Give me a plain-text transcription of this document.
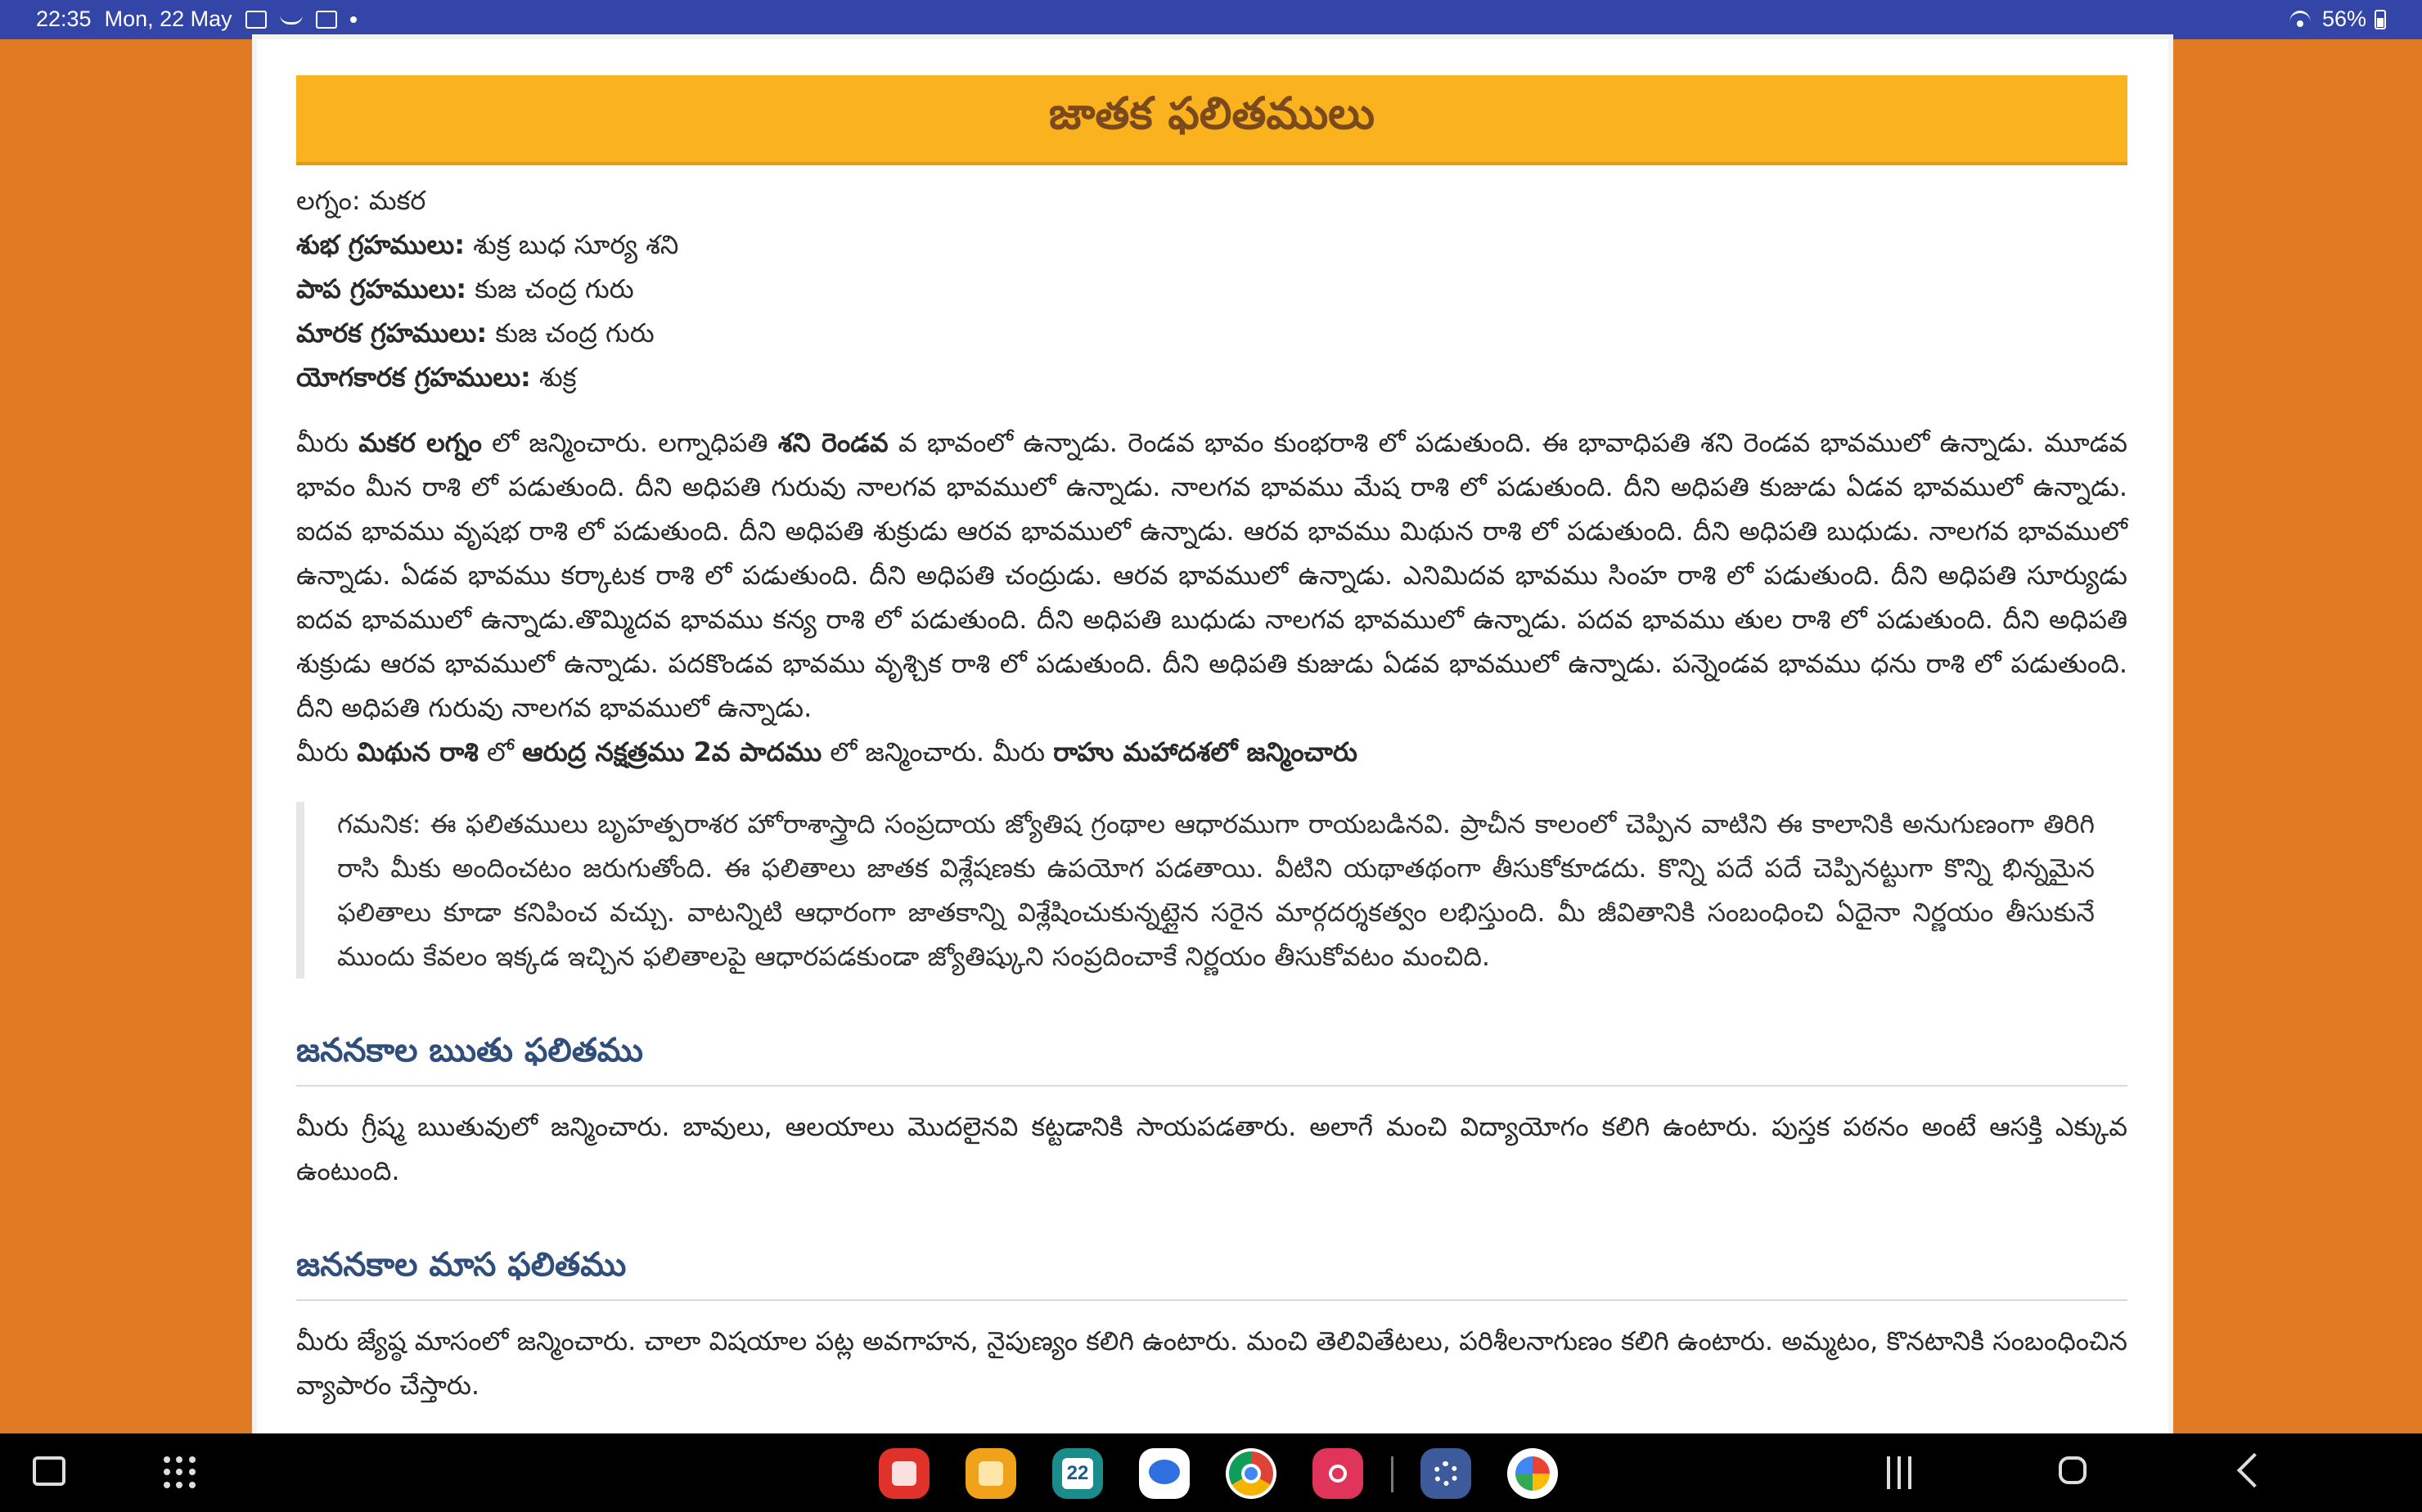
22:35 Mon, 22 May	56%
జాతక ఫలితములు

లగ్నం: మకర

శుభ గ్రహములు: శుక్ర బుధ సూర్య శని

పాప గ్రహములు: కుజ చంద్ర గురు

మారక గ్రహములు: కుజ చంద్ర గురు

యోగకారక గ్రహములు: శుక్ర

మీరు మకర లగ్నం లో జన్మించారు. లగ్నాధిపతి శని రెండవ వ భావంలో ఉన్నాడు. రెండవ భావం కుంభరాశి లో పడుతుంది. ఈ భావాధిపతి శని రెండవ భావములో ఉన్నాడు. మూడవ భావం మీన రాశి లో పడుతుంది. దీని అధిపతి గురువు నాలగవ భావములో ఉన్నాడు. నాలగవ భావము మేష రాశి లో పడుతుంది. దీని అధిపతి కుజుడు ఏడవ భావములో ఉన్నాడు. ఐదవ భావము వృషభ రాశి లో పడుతుంది. దీని అధిపతి శుక్రుడు ఆరవ భావములో ఉన్నాడు. ఆరవ భావము మిథున రాశి లో పడుతుంది. దీని అధిపతి బుధుడు. నాలగవ భావములో ఉన్నాడు. ఏడవ భావము కర్కాటక రాశి లో పడుతుంది. దీని అధిపతి చంద్రుడు. ఆరవ భావములో ఉన్నాడు. ఎనిమిదవ భావము సింహ రాశి లో పడుతుంది. దీని అధిపతి సూర్యుడు ఐదవ భావములో ఉన్నాడు.తొమ్మిదవ భావము కన్య రాశి లో పడుతుంది. దీని అధిపతి బుధుడు నాలగవ భావములో ఉన్నాడు. పదవ భావము తుల రాశి లో పడుతుంది. దీని అధిపతి శుక్రుడు ఆరవ భావములో ఉన్నాడు. పదకొండవ భావము వృశ్చిక రాశి లో పడుతుంది. దీని అధిపతి కుజుడు ఏడవ భావములో ఉన్నాడు. పన్నెండవ భావము ధను రాశి లో పడుతుంది. దీని అధిపతి గురువు నాలగవ భావములో ఉన్నాడు.
మీరు మిథున రాశి లో ఆరుద్ర నక్షత్రము 2వ పాదము లో జన్మించారు. మీరు రాహు మహాదశలో జన్మించారు

గమనిక: ఈ ఫలితములు బృహత్పరాశర హోరాశాస్త్రాది సంప్రదాయ జ్యోతిష గ్రంథాల ఆధారముగా రాయబడినవి. ప్రాచీన కాలంలో చెప్పిన వాటిని ఈ కాలానికి అనుగుణంగా తిరిగి రాసి మీకు అందించటం జరుగుతోంది. ఈ ఫలితాలు జాతక విశ్లేషణకు ఉపయోగ పడతాయి. వీటిని యథాతథంగా తీసుకోకూడదు. కొన్ని పదే పదే చెప్పినట్టుగా కొన్ని భిన్నమైన ఫలితాలు కూడా కనిపించ వచ్చు. వాటన్నిటి ఆధారంగా జాతకాన్ని విశ్లేషించుకున్నట్లైన సరైన మార్గదర్శకత్వం లభిస్తుంది. మీ జీవితానికి సంబంధించి ఏదైనా నిర్ణయం తీసుకునే ముందు కేవలం ఇక్కడ ఇచ్చిన ఫలితాలపై ఆధారపడకుండా జ్యోతిష్కుని సంప్రదించాకే నిర్ణయం తీసుకోవటం మంచిది.
జననకాల ఋతు ఫలితము

మీరు గ్రీష్మ ఋతువులో జన్మించారు. బావులు, ఆలయాలు మొదలైనవి కట్టడానికి సాయపడతారు. అలాగే మంచి విద్యాయోగం కలిగి ఉంటారు. పుస్తక పఠనం అంటే ఆసక్తి ఎక్కువ ఉంటుంది.

జననకాల మాస ఫలితము

మీరు జ్యేష్ఠ మాసంలో జన్మించారు. చాలా విషయాల పట్ల అవగాహన, నైపుణ్యం కలిగి ఉంటారు. మంచి తెలివితేటలు, పరిశీలనాగుణం కలిగి ఉంటారు. అమ్మటం, కొనటానికి సంబంధించిన వ్యాపారం చేస్తారు.

22
